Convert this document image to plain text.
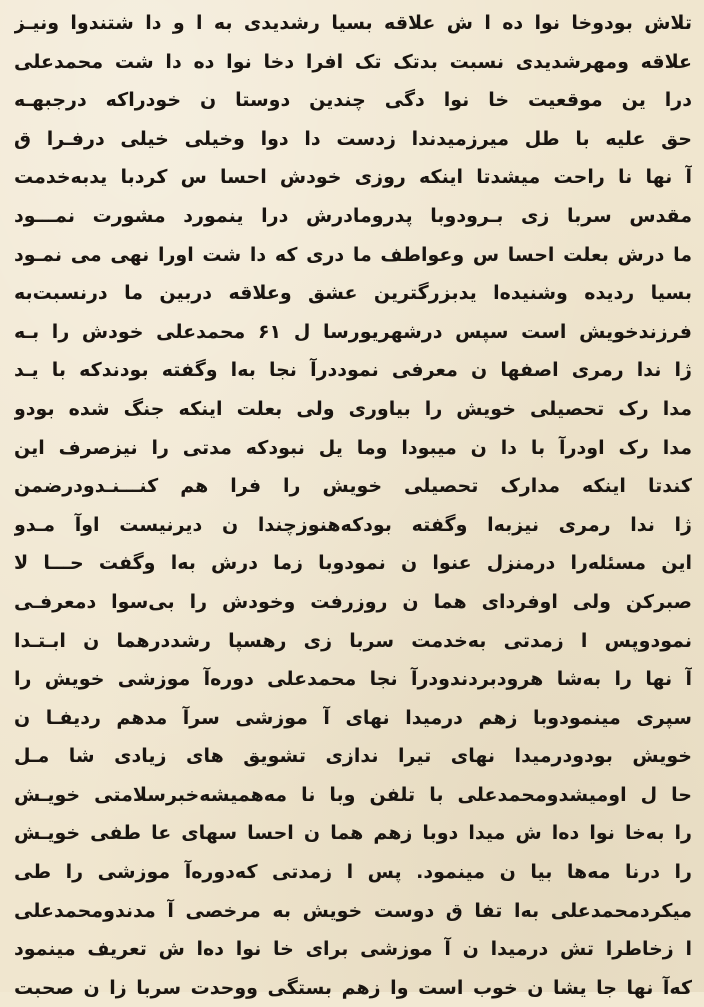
تلاش بودوخا نوا ده ا ش علاقه بسیا رشدیدی به ا و دا شتندوا ونیـز
علاقه ومهرشدیدی نسبت بدتک تک افرا دخا نوا ده دا شت محمدعلی
درا ین موقعیت خا نوا دگی چندین دوستا ن خودراکه درجبهـه
حق علیه با طل میرزمیدندا زدست دا دوا وخیلی خیلی درفـرا ق
آ نها نا راحت میشدتا اینکه روزی خودش احسا س کردبا یدبه‌خدمت
مقدس سربا زی بـرودوبا پدرومادرش درا ینمورد مشورت نمـــود
ما درش بعلت احسا س وعواطف ما دری که دا شت اورا نهی می نمـود
بسیا ردیده وشنیده‌ا یدبزرگترین عشق وعلاقه دربین ما درنسبت‌به
فرزندخویش است سپس درشهریورسا ل ۶۱ محمدعلی خودش را بـه
ژا ندا رمری اصفها ن معرفی نموددرآ نجا به‌ا وگفته بودندکه با یـد
مدا رک تحصیلی خویش را بیاوری ولی بعلت اینکه جنگ شده بودو
مدا رک اودرآ با دا ن میبودا وما یل نبودکه مدتی را نیزصرف این
کندتا اینکه مدارک تحصیلی خویش را فرا هم کنـــنـدودرضمن
ژا ندا رمری نیزبه‌ا وگفته بودکه‌هنوزچندا ن دیرنیست اوآ مـدو
این مسئله‌را درمنزل عنوا ن نمودوبا زما درش به‌ا وگفت حـــا لا
صبرکن ولی اوفردای هما ن روزرفت وخودش را بی‌سوا دمعرفـی
نمودوپس ا زمدتی به‌خدمت سربا زی رهسپا رشددرهما ن ابـتـدا
آ نها را به‌شا هرودبردندودرآ نجا محمدعلی دوره‌آ موزشی خویش را
سپری مینمودوبا زهم درمیدا نهای آ موزشی سرآ مدهم ردیفـا ن
خویش بودودرمیدا نهای تیرا نداز‌ی تشویق های زیادی شا مـل
حا ل اومیشدومحمدعلی با تلفن وبا نا مه‌همیشه‌خبرسلامتی خویـش
را به‌خا نوا ده‌ا ش میدا دوبا زهم هما ن احسا سهای عا طفی خویـش
را درنا مه‌ها بیا ن مینمود. پس ا زمدتی که‌دوره‌آ موزشی را طی
میکردمحمدعلی به‌ا تفا ق دوست خویش به مرخصی آ مدندومحمدعلی
ا زخاطرا تش درمیدا ن آ موزشی برای خا نوا ده‌ا ش تعریف مینمود
که‌آ نها جا یشا ن خوب است وا زهم بستگی ووحدت سربا زا ن صحبت
